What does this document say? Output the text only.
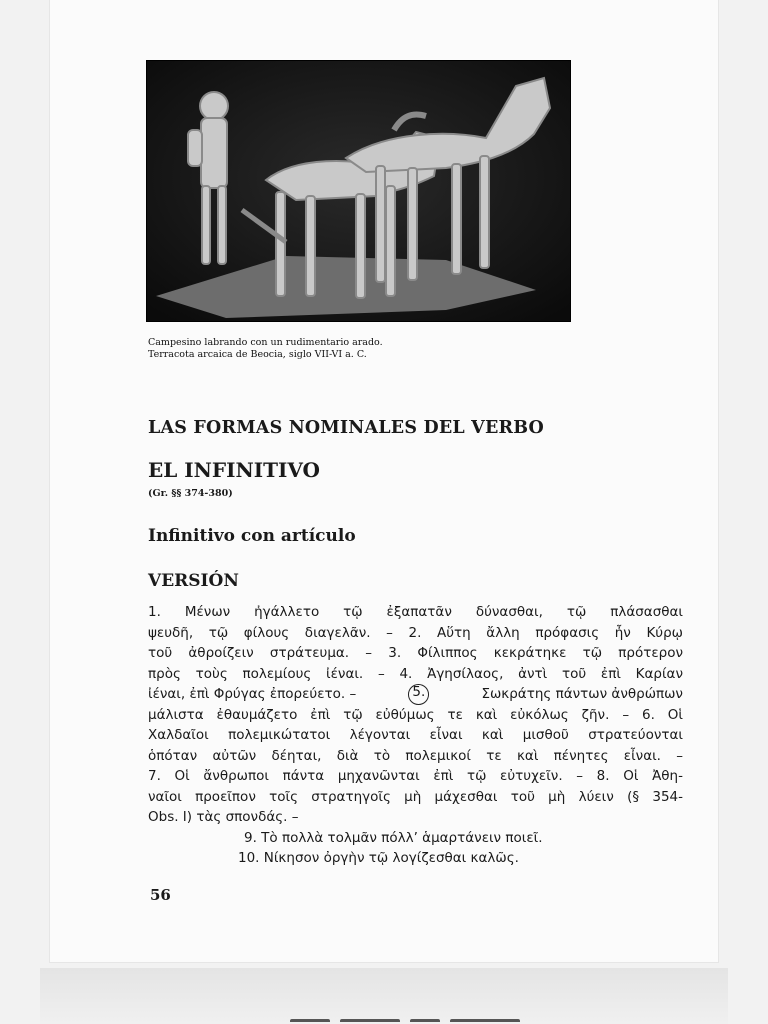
Campesino labrando con un rudimentario arado.
Terracota arcaica de Beocia, siglo VII-VI a. C.
LAS FORMAS NOMINALES DEL VERBO
EL INFINITIVO
(Gr. §§ 374-380)
Infinitivo con artículo
VERSIÓN
1. Μένων ἠγάλλετο τῷ ἐξαπατᾶν δύνασθαι, τῷ πλάσασθαι
ψευδῆ, τῷ φίλους διαγελᾶν. – 2. Αὕτη ἄλλη πρόφασις ἦν Κύρῳ
τοῦ ἀθροίζειν στράτευμα. – 3. Φίλιππος κεκράτηκε τῷ πρότερον
πρὸς τοὺς πολεμίους ἰέναι. – 4. Ἀγησίλαος, ἀντὶ τοῦ ἐπὶ Καρίαν
ἰέναι, ἐπὶ Φρύγας ἐπορεύετο. –	5.	Σωκράτης πάντων ἀνθρώπων
μάλιστα ἐθαυμάζετο ἐπὶ τῷ εὐθύμως τε καὶ εὐκόλως ζῆν. – 6. Οἱ
Χαλδαῖοι πολεμικώτατοι λέγονται εἶναι καὶ μισθοῦ στρατεύονται
ὁπόταν αὐτῶν δέηται, διὰ τὸ πολεμικοί τε καὶ πένητες εἶναι. –
7. Οἱ ἄνθρωποι πάντα μηχανῶνται ἐπὶ τῷ εὐτυχεῖν. – 8. Οἱ Ἀθη-
ναῖοι προεῖπον τοῖς στρατηγοῖς μὴ μάχεσθαι τοῦ μὴ λύειν (§ 354-
Obs. I) τὰς σπονδάς. –
9. Τὸ πολλὰ τολμᾶν πόλλ’ ἁμαρτάνειν ποιεῖ.
10. Νίκησον ὀργὴν τῷ λογίζεσθαι καλῶς.
56
